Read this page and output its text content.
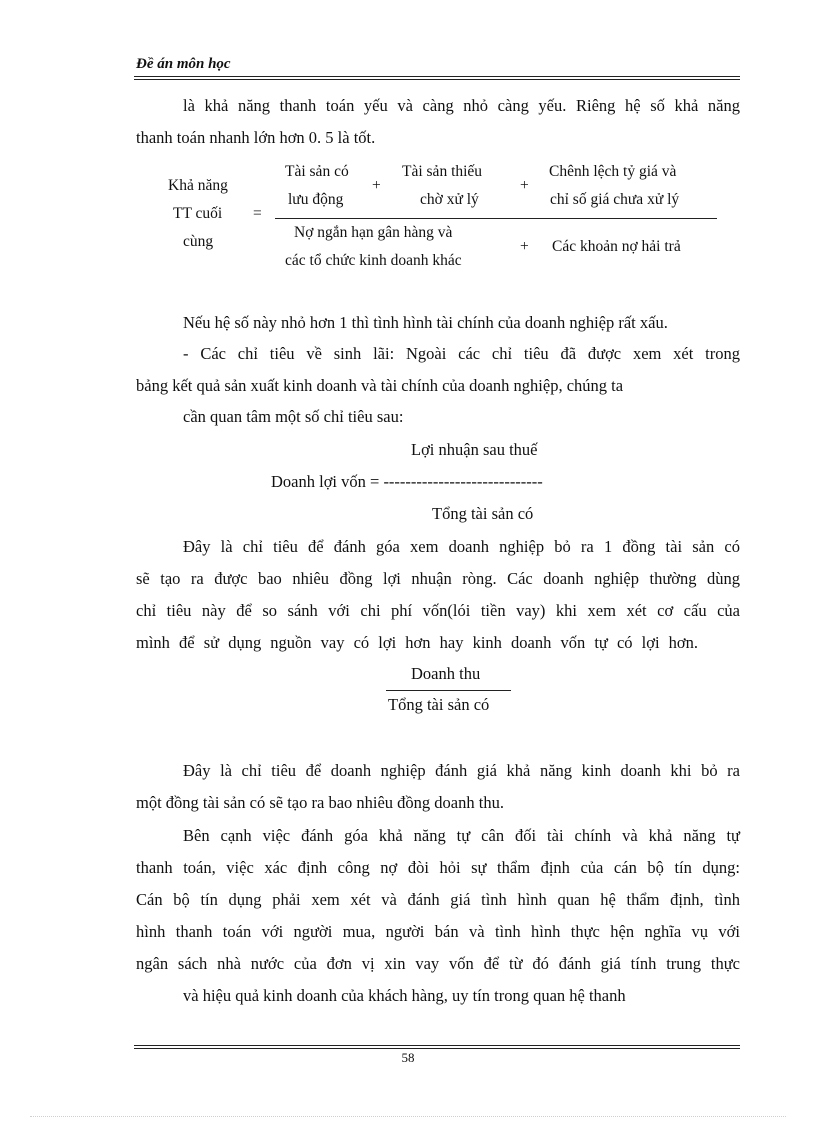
Đề án môn học
là khả năng thanh toán yếu và càng nhỏ càng yếu. Riêng hệ số khả năng
thanh toán nhanh lớn hơn 0. 5 là tốt.
Khả năng
TT cuối
cùng
=
Tài sản có
lưu động
+
Tài sản thiếu
chờ xử lý
+
Chênh lệch tỷ giá và
chỉ số giá chưa xử lý
Nợ ngắn hạn gân hàng và
các tổ chức kinh doanh khác
+ Các khoản nợ hải trả
Nếu hệ số này nhỏ hơn 1 thì tình hình tài chính của doanh nghiệp rất xấu.
- Các chỉ tiêu về sinh lãi: Ngoài các chỉ tiêu đã được xem xét trong
bảng kết quả sản xuất kinh doanh và tài chính của doanh nghiệp, chúng ta
cần quan tâm một số chỉ tiêu sau:
Lợi nhuận sau thuế
Doanh lợi vốn = -----------------------------
Tổng tài sản có
Đây là chỉ tiêu để đánh góa xem doanh nghiệp bỏ ra 1 đồng tài sản có
sẽ tạo ra được bao nhiêu đồng lợi nhuận ròng. Các doanh nghiệp thường dùng
chỉ tiêu này để so sánh với chi phí vốn(lói tiền vay) khi xem xét cơ cấu của
mình để sử dụng nguồn vay có lợi hơn hay kinh doanh vốn tự có lợi hơn.
Doanh thu
Tổng tài sản có
Đây là chỉ tiêu để doanh nghiệp đánh giá khả năng kinh doanh khi bỏ ra
một đồng tài sản có sẽ tạo ra bao nhiêu đồng doanh thu.
Bên cạnh việc đánh góa khả năng tự cân đối tài chính và khả năng tự
thanh toán, việc xác định công nợ đòi hỏi sự thẩm định của cán bộ tín dụng:
Cán bộ tín dụng phải xem xét và đánh giá tình hình quan hệ thẩm định, tình
hình thanh toán với người mua, người bán và tình hình thực hện nghĩa vụ với
ngân sách nhà nước của đơn vị xin vay vốn để từ đó đánh giá tính trung thực
và hiệu quả kinh doanh của khách hàng, uy tín trong quan hệ thanh
58
